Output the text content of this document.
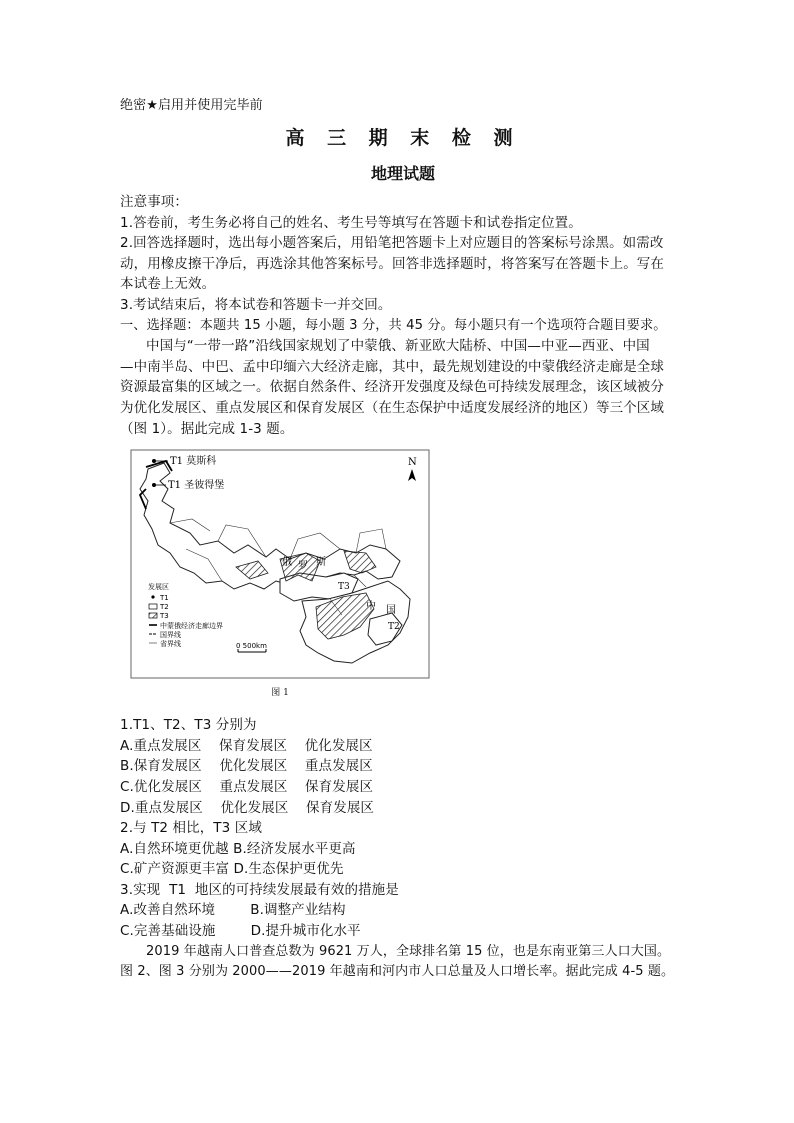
绝密★启用并使用完毕前
高 三 期 末 检 测
地理试题
注意事项：
1.答卷前，考生务必将自己的姓名、考生号等填写在答题卡和试卷指定位置。
2.回答选择题时，选出每小题答案后，用铅笔把答题卡上对应题目的答案标号涂黑。如需改
动，用橡皮擦干净后，再选涂其他答案标号。回答非选择题时，将答案写在答题卡上。写在
本试卷上无效。
3.考试结束后，将本试卷和答题卡一并交回。
一、选择题：本题共 15 小题，每小题 3 分，共 45 分。每小题只有一个选项符合题目要求。
中国与“一带一路”沿线国家规划了中蒙俄、新亚欧大陆桥、中国—中亚—西亚、中国
—中南半岛、中巴、孟中印缅六大经济走廊，其中，最先规划建设的中蒙俄经济走廊是全球
资源最富集的区域之一。依据自然条件、经济开发强度及绿色可持续发展理念，该区域被分
为优化发展区、重点发展区和保育发展区（在生态保护中适度发展经济的地区）等三个区域
（图 1）。据此完成 1-3 题。
T1 莫斯科
T1 圣彼得堡
N
俄 罗 斯
T3
中 国
T2
发展区
T1
T2
T3
中蒙俄经济走廊边界
国界线
省界线	0 500km
图 1
1.T1、T2、T3 分别为
A.重点发展区    保育发展区    优化发展区
B.保育发展区    优化发展区    重点发展区
C.优化发展区    重点发展区    保育发展区
D.重点发展区    优化发展区    保育发展区
2.与 T2 相比，T3 区域
A.自然环境更优越 B.经济发展水平更高
C.矿产资源更丰富 D.生态保护更优先
3.实现  T1  地区的可持续发展最有效的措施是
A.改善自然环境        B.调整产业结构
C.完善基础设施        D.提升城市化水平
2019 年越南人口普查总数为 9621 万人，全球排名第 15 位，也是东南亚第三人口大国。
图 2、图 3 分别为 2000——2019 年越南和河内市人口总量及人口增长率。据此完成 4-5 题。
